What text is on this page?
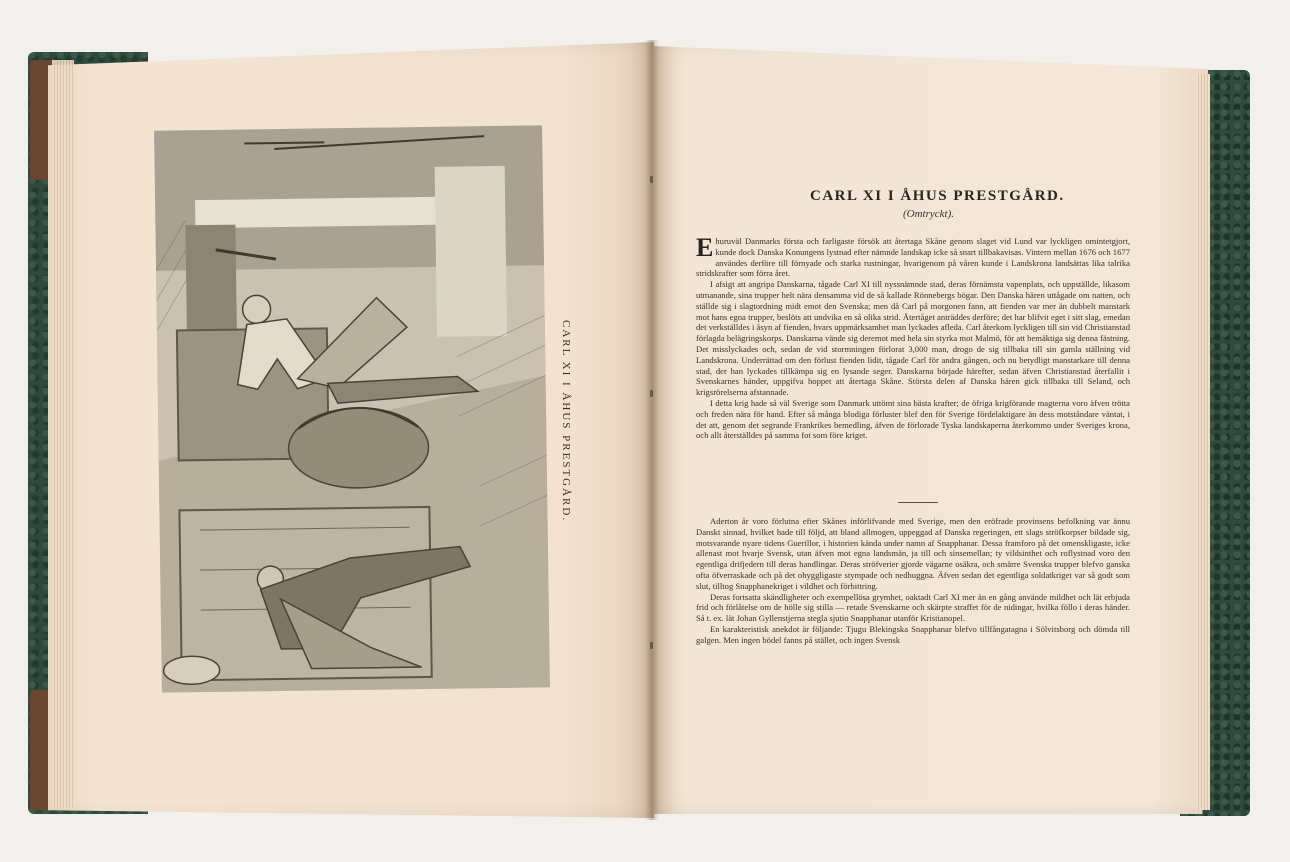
CARL XI I ÅHUS PRESTGÅRD.
CARL XI I ÅHUS PRESTGÅRD.
(Omtryckt).

Ehuruväl Danmarks första och farligaste försök att återtaga Skåne genom slaget vid Lund var lyckligen omintetgjort, kunde dock Danska Konungens lystnad efter nämnde landskap icke så snart tillbakavisas. Vintern mellan 1676 och 1677 användes derföre till förnyade och starka rustningar, hvarigenom på våren kunde i Landskrona landsättas lika talrika stridskrafter som förra året.

I afsigt att angripa Danskarna, tågade Carl XI till nyssnämnde stad, deras förnämsta vapenplats, och uppställde, likasom utmanande, sina trupper helt nära densamma vid de så kallade Rönnebergs bögar. Den Danska hären uttågade om natten, och ställde sig i slagtordning midt emot den Svenska; men då Carl på morgonen fann, att fienden var mer än dubbelt manstark mot hans egna trupper, beslöts att undvika en så olika strid. Återtåget anträddes derföre; det har blifvit eget i sitt slag, emedan det verkställdes i åsyn af fienden, hvars uppmärksamhet man lyckades afleda. Carl återkom lyckligen till sin vid Christianstad förlagda belägringskorps. Danskarna vände sig deremot med hela sin styrka mot Malmö, för att bemäktiga sig denna fästning. Det misslyckades och, sedan de vid stormningen förlorat 3,000 man, drogo de sig tillbaka till sin gamla ställning vid Landskrona. Underrättad om den förlust fienden lidit, tågade Carl för andra gången, och nu betydligt manstarkare till denna stad, der han lyckades tillkämpa sig en lysande seger. Danskarna började härefter, sedan äfven Christianstad återfallit i Svenskarnes händer, uppgifva hoppet att återtaga Skåne. Största delen af Danska hären gick tillbaka till Seland, och krigsrörelserna afstannade.

I detta krig hade så väl Sverige som Danmark uttömt sina bästa krafter; de öfriga krigförande magterna voro äfven trötta och freden nära för hand. Efter så många blodiga förluster blef den för Sverige fördelaktigare än dess motståndare väntat, i det att, genom det segrande Frankrikes bemedling, äfven de förlorade Tyska landskaperna återkommo under Sveriges krona, och allt återställdes på samma fot som före kriget.

Aderton år voro förlutna efter Skånes införlifvande med Sverige, men den eröfrade provinsens befolkning var ännu Danskt sinnad, hvilket hade till följd, att bland allmogen, uppeggad af Danska regeringen, ett slags ströfkorpser bildade sig, motsvarande nyare tidens Guerillor, i historien kända under namn af Snapphanar. Dessa framforo på det omenskligaste, icke allenast mot hvarje Svensk, utan äfven mot egna landsmän, ja till och sinsemellan; ty vildsinthet och roflystnad voro den egentliga drifjedern till deras handlingar. Deras ströfverier gjorde vägarne osäkra, och smärre Svenska trupper blefvo ganska ofta öfverraskade och på det ohyggligaste stympade och nedhuggna. Äfven sedan det egentliga soldatkriget var så godt som slut, tilltog Snapphanekriget i vildhet och förbittring.

Deras fortsatta skändligheter och exempellösa grymhet, oaktadt Carl XI mer än en gång använde mildhet och lät erbjuda frid och förlåtelse om de hölle sig stilla — retade Svenskarne och skärpte straffet för de nidingar, hvilka föllo i deras händer. Så t. ex. lät Johan Gyllenstjerna stegla sjutio Snapphanar utanför Kristianopel.

En karakteristisk anekdot är följande: Tjugu Blekingska Snapphanar blefvo tillfångatagna i Sölvitsborg och dömda till galgen. Men ingen bödel fanns på stället, och ingen Svensk
